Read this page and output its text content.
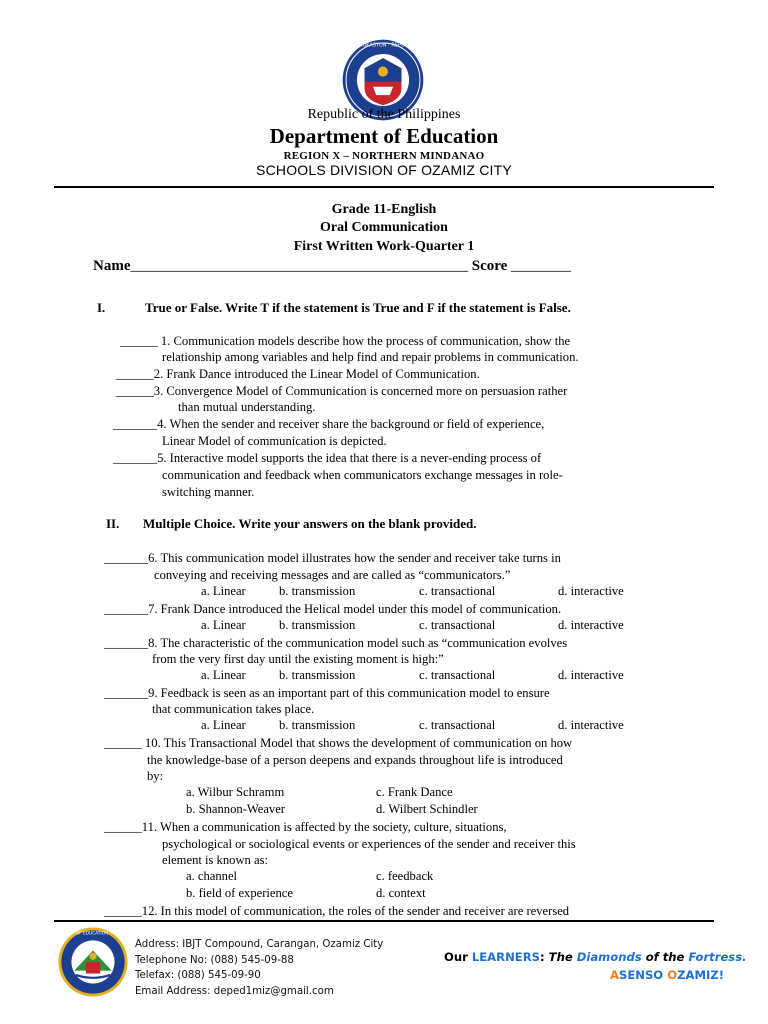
KAGAWARAN NG EDUKASYON · REPUBLIKA NG PILIPINAS
Republic of the Philippines
Department of Education
REGION X – NORTHERN MINDANAO
SCHOOLS DIVISION OF OZAMIZ CITY
Grade 11-English
Oral Communication
First Written Work-Quarter 1
Name_____________________________________________ Score ________
I.	True or False. Write T if the statement is True and F if the statement is False.
______ 1. Communication models describe how the process of communication, show the
relationship among variables and help find and repair problems in communication.
______2. Frank Dance introduced the Linear Model of Communication.
______3. Convergence Model of Communication is concerned more on persuasion rather
than mutual understanding.
_______4. When the sender and receiver share the background or field of experience,
Linear Model of communication is depicted.
_______5. Interactive model supports the idea that there is a never-ending process of
communication and feedback when communicators exchange messages in role-
switching manner.
II. Multiple Choice. Write your answers on the blank provided.
_______6. This communication model illustrates how the sender and receiver take turns in
conveying and receiving messages and are called as “communicators.”
a. Linear	b. transmission	c. transactional	d. interactive
_______7. Frank Dance introduced the Helical model under this model of communication.
a. Linear	b. transmission	c. transactional	d. interactive
_______8. The characteristic of the communication model such as “communication evolves
from the very first day until the existing moment is high:”
a. Linear	b. transmission	c. transactional	d. interactive
_______9. Feedback is seen as an important part of this communication model to ensure
that communication takes place.
a. Linear	b. transmission	c. transactional	d. interactive
______ 10. This Transactional Model that shows the development of communication on how
the knowledge-base of a person deepens and expands throughout life is introduced
by:
a. Wilbur Schramm	c. Frank Dance
b. Shannon-Weaver	d. Wilbert Schindler
______11. When a communication is affected by the society, culture, situations,
psychological or sociological events or experiences of the sender and receiver this
element is known as:
a. channel	c. feedback
b. field of experience	d. context
______12. In this model of communication, the roles of the sender and receiver are reversed
DEPARTMENT OF EDUCATION · OZAMIZ CITY
Address: IBJT Compound, Carangan, Ozamiz City
Telephone No: (088) 545-09-88
Telefax: (088) 545-09-90
Email Address: deped1miz@gmail.com
Our LEARNERS: The Diamonds of the Fortress.
ASENSO OZAMIZ!
